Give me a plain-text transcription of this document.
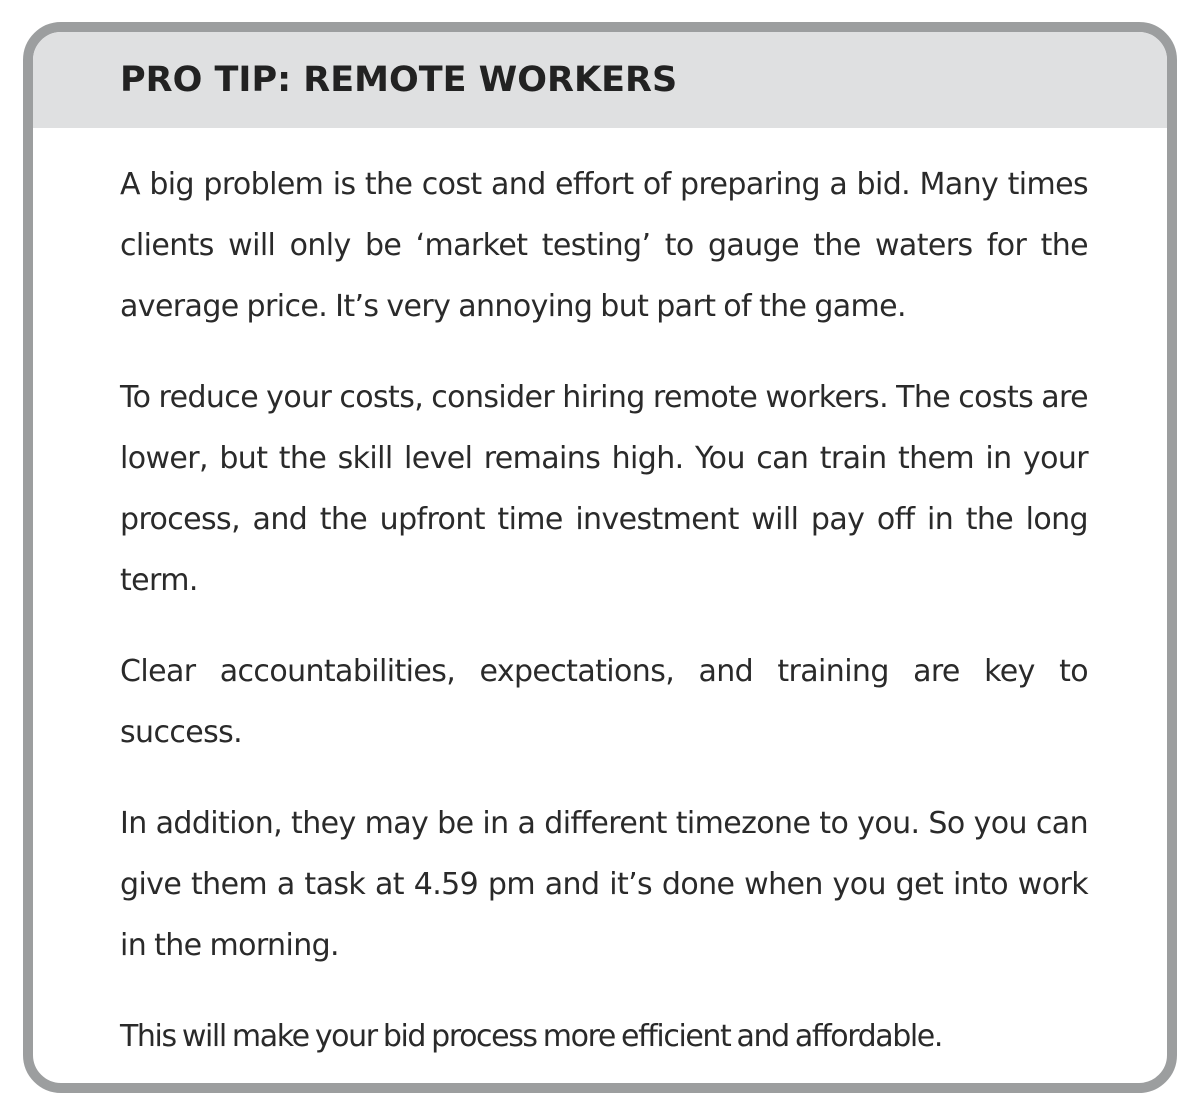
PRO TIP: REMOTE WORKERS

A big problem is the cost and effort of preparing a bid. Many times clients will only be ‘market testing’ to gauge the waters for the average price. It’s very annoying but part of the game.

To reduce your costs, consider hiring remote workers. The costs are lower, but the skill level remains high. You can train them in your process, and the upfront time investment will pay off in the long term.

Clear accountabilities, expectations, and training are key to success.

In addition, they may be in a different timezone to you. So you can give them a task at 4.59 pm and it’s done when you get into work in the morning.

This will make your bid process more efficient and affordable.
